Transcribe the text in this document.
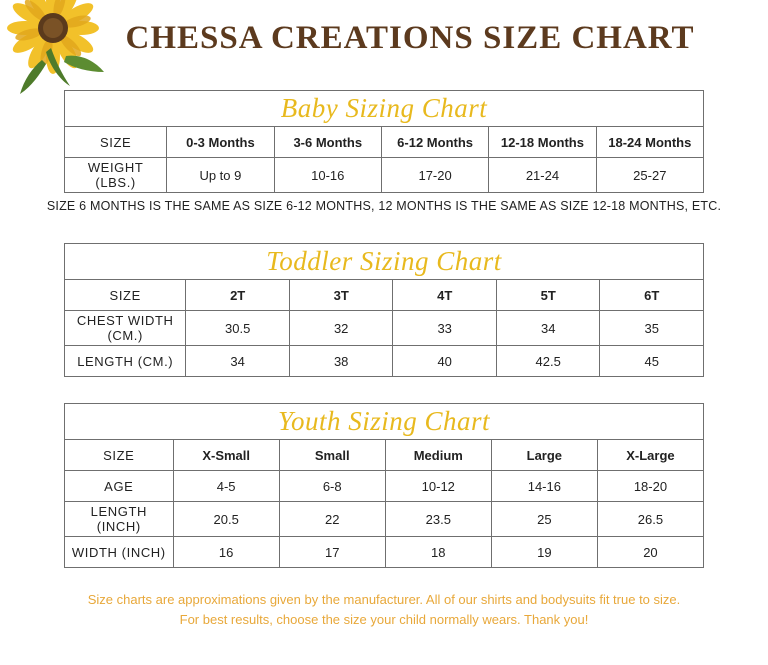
CHESSA CREATIONS SIZE CHART
Baby Sizing Chart					
SIZE	0-3 Months	3-6 Months	6-12 Months	12-18 Months	18-24 Months
WEIGHT (LBS.)	Up to 9	10-16	17-20	21-24	25-27

SIZE 6 MONTHS IS THE SAME AS SIZE 6-12 MONTHS, 12 MONTHS IS THE SAME AS SIZE 12-18 MONTHS, ETC.

Toddler Sizing Chart					
SIZE	2T	3T	4T	5T	6T
CHEST WIDTH (CM.)	30.5	32	33	34	35
LENGTH (CM.)	34	38	40	42.5	45
Youth Sizing Chart					
SIZE	X-Small	Small	Medium	Large	X-Large
AGE	4-5	6-8	10-12	14-16	18-20
LENGTH (INCH)	20.5	22	23.5	25	26.5
WIDTH (INCH)	16	17	18	19	20
Size charts are approximations given by the manufacturer. All of our shirts and bodysuits fit true to size.
For best results, choose the size your child normally wears. Thank you!
